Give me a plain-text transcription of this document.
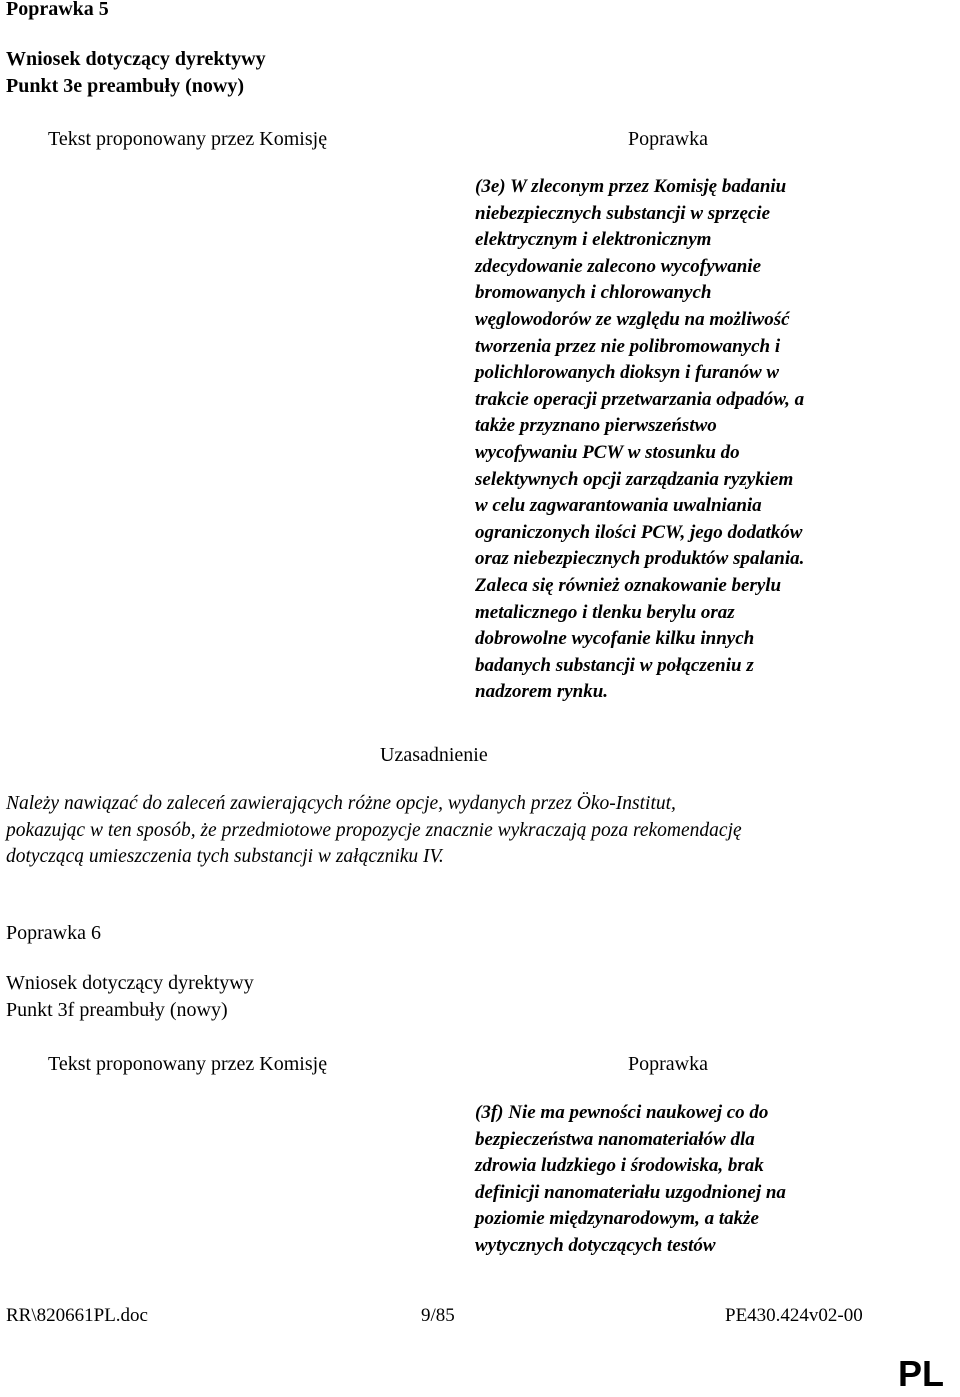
Poprawka 5
Wniosek dotyczący dyrektywy
Punkt 3e preambuły (nowy)
Tekst proponowany przez Komisję	Poprawka
(3e) W zleconym przez Komisję badaniu
niebezpiecznych substancji w sprzęcie
elektrycznym i elektronicznym
zdecydowanie zalecono wycofywanie
bromowanych i chlorowanych
węglowodorów ze względu na możliwość
tworzenia przez nie polibromowanych i
polichlorowanych dioksyn i furanów w
trakcie operacji przetwarzania odpadów, a
także przyznano pierwszeństwo
wycofywaniu PCW w stosunku do
selektywnych opcji zarządzania ryzykiem
w celu zagwarantowania uwalniania
ograniczonych ilości PCW, jego dodatków
oraz niebezpiecznych produktów spalania.
Zaleca się również oznakowanie berylu
metalicznego i tlenku berylu oraz
dobrowolne wycofanie kilku innych
badanych substancji w połączeniu z
nadzorem rynku.
Uzasadnienie
Należy nawiązać do zaleceń zawierających różne opcje, wydanych przez Öko-Institut,
pokazując w ten sposób, że przedmiotowe propozycje znacznie wykraczają poza rekomendację
dotyczącą umieszczenia tych substancji w załączniku IV.
Poprawka 6
Wniosek dotyczący dyrektywy
Punkt 3f preambuły (nowy)
Tekst proponowany przez Komisję	Poprawka
(3f) Nie ma pewności naukowej co do
bezpieczeństwa nanomateriałów dla
zdrowia ludzkiego i środowiska, brak
definicji nanomateriału uzgodnionej na
poziomie międzynarodowym, a także
wytycznych dotyczących testów
RR\820661PL.doc	9/85	PE430.424v02-00
PL
